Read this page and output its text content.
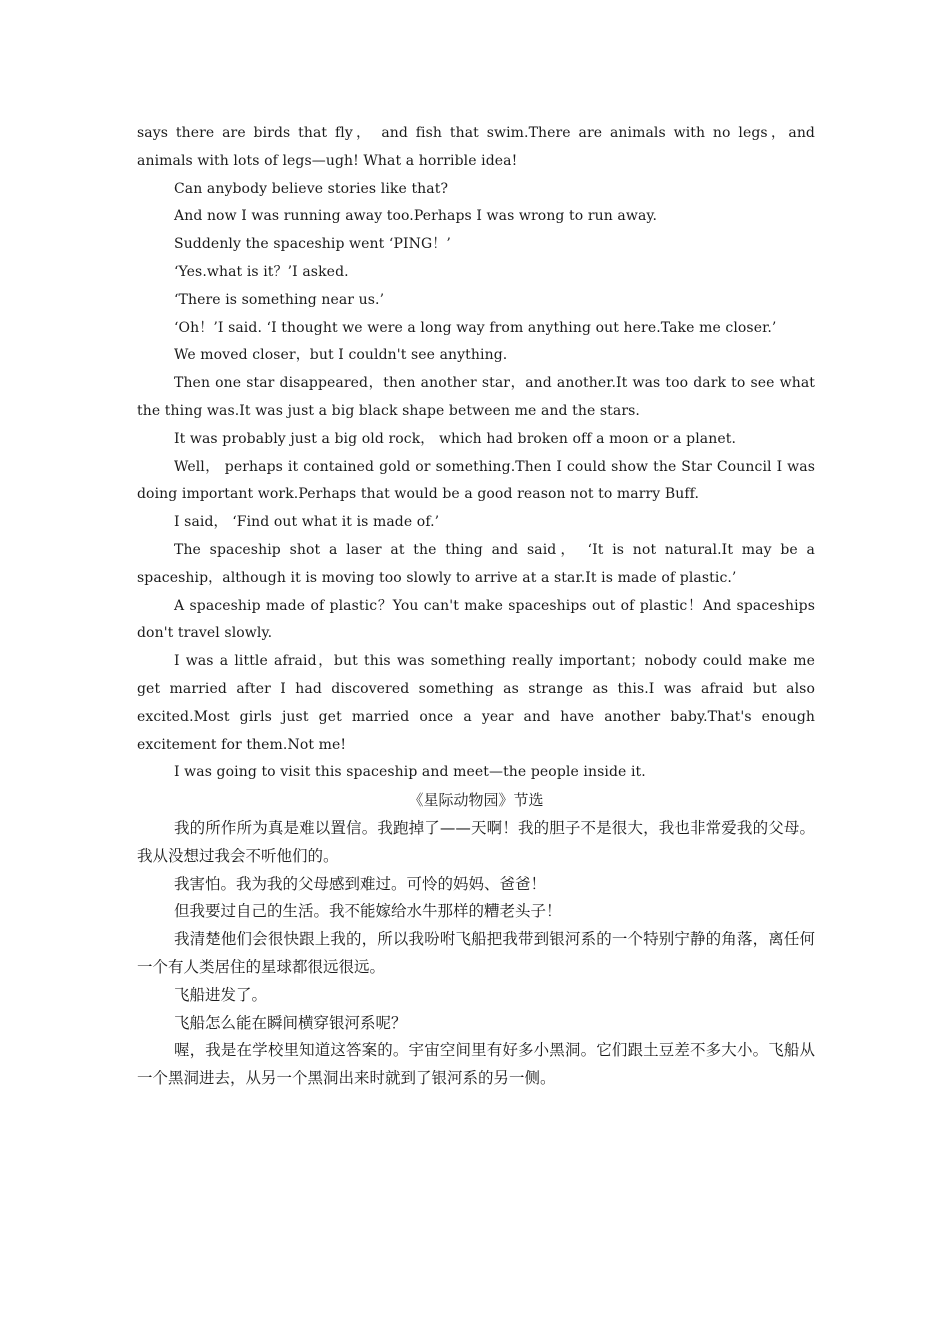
says there are birds that fly， and fish that swim.There are animals with no legs，and animals with lots of legs—ugh! What a horrible idea!

Can anybody believe stories like that?

And now I was running away too.Perhaps I was wrong to run away.

Suddenly the spaceship went ‘PING！’

‘Yes.what is it？’I asked.

‘There is something near us.’

‘Oh！’I said. ‘I thought we were a long way from anything out here.Take me closer.’

We moved closer，but I couldn't see anything.

Then one star disappeared，then another star，and another.It was too dark to see what the thing was.It was just a big black shape between me and the stars.

It was probably just a big old rock， which had broken off a moon or a planet.

Well， perhaps it contained gold or something.Then I could show the Star Council I was doing important work.Perhaps that would be a good reason not to marry Buff.

I said， ‘Find out what it is made of.’

The spaceship shot a laser at the thing and said， ‘It is not natural.It may be a spaceship，although it is moving too slowly to arrive at a star.It is made of plastic.’

A spaceship made of plastic？You can't make spaceships out of plastic！And spaceships don't travel slowly.

I was a little afraid，but this was something really important；nobody could make me get married after I had discovered something as strange as this.I was afraid but also excited.Most girls just get married once a year and have another baby.That's enough excitement for them.Not me!

I was going to visit this spaceship and meet—the people inside it.

《星际动物园》节选

我的所作所为真是难以置信。我跑掉了——天啊！我的胆子不是很大，我也非常爱我的父母。我从没想过我会不听他们的。

我害怕。我为我的父母感到难过。可怜的妈妈、爸爸！

但我要过自己的生活。我不能嫁给水牛那样的糟老头子！

我清楚他们会很快跟上我的，所以我吩咐飞船把我带到银河系的一个特别宁静的角落，离任何一个有人类居住的星球都很远很远。

飞船进发了。

飞船怎么能在瞬间横穿银河系呢？

喔，我是在学校里知道这答案的。宇宙空间里有好多小黑洞。它们跟土豆差不多大小。飞船从一个黑洞进去，从另一个黑洞出来时就到了银河系的另一侧。
